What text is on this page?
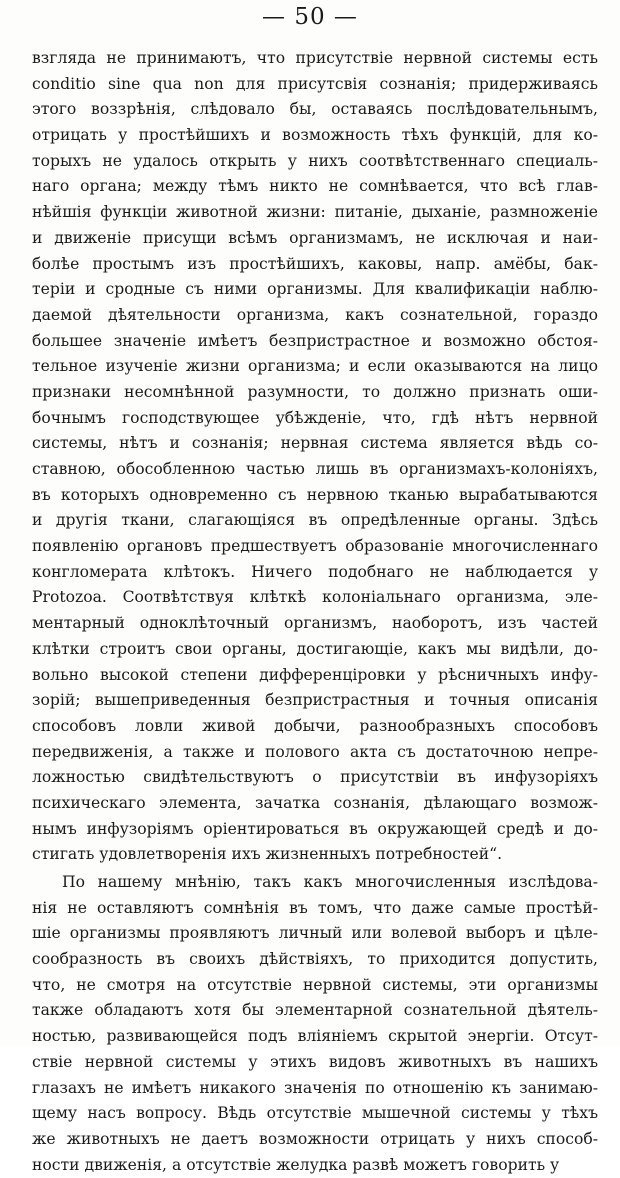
— 50 —
взгляда не принимаютъ, что присутствіе нервной системы есть
conditio sine qua non для присутсвія сознанія; придерживаясь
этого воззрѣнія, слѣдовало бы, оставаясь послѣдовательнымъ,
отрицать у простѣйшихъ и возможность тѣхъ функцій, для ко-
торыхъ не удалось открыть у нихъ соотвѣтственнаго специаль-
наго органа; между тѣмъ никто не сомнѣвается, что всѣ глав-
нѣйшія функціи животной жизни: питаніе, дыханіе, размноженіе
и движеніе присущи всѣмъ организмамъ, не исключая и наи-
болѣе простымъ изъ простѣйшихъ, каковы, напр. амёбы, бак-
теріи и сродные съ ними организмы. Для квалификаціи наблю-
даемой дѣятельности организма, какъ сознательной, гораздо
большее значеніе имѣетъ безпристрастное и возможно обстоя-
тельное изученіе жизни организма; и если оказываются на лицо
признаки несомнѣнной разумности, то должно признать оши-
бочнымъ господствующее убѣжденіе, что, гдѣ нѣтъ нервной
системы, нѣтъ и сознанія; нервная система является вѣдь со-
ставною, обособленною частью лишь въ организмахъ-колоніяхъ,
въ которыхъ одновременно съ нервною тканью вырабатываются
и другія ткани, слагающіяся въ опредѣленные органы. Здѣсь
появленію органовъ предшествуетъ образованіе многочисленнаго
конгломерата клѣтокъ. Ничего подобнаго не наблюдается у
Protozoa. Соотвѣтствуя клѣткѣ колоніальнаго организма, эле-
ментарный одноклѣточный организмъ, наоборотъ, изъ частей
клѣтки строитъ свои органы, достигающіе, какъ мы видѣли, до-
вольно высокой степени дифференціровки у рѣсничныхъ инфу-
зорій; вышеприведенныя безпристрастныя и точныя описанія
способовъ ловли живой добычи, разнообразныхъ способовъ
передвиженія, а также и полового акта съ достаточною непре-
ложностью свидѣтельствуютъ о присутствіи въ инфузоріяхъ
психическаго элемента, зачатка сознанія, дѣлающаго возмож-
нымъ инфузоріямъ оріентироваться въ окружающей средѣ и до-
стигать удовлетворенія ихъ жизненныхъ потребностей“.
По нашему мнѣнію, такъ какъ многочисленныя изслѣдова-
нія не оставляютъ сомнѣнія въ томъ, что даже самые простѣй-
шіе организмы проявляютъ личный или волевой выборъ и цѣле-
сообразность въ своихъ дѣйствіяхъ, то приходится допустить,
что, не смотря на отсутствіе нервной системы, эти организмы
также обладаютъ хотя бы элементарной сознательной дѣятель-
ностью, развивающейся подъ вліяніемъ скрытой энергіи. Отсут-
ствіе нервной системы у этихъ видовъ животныхъ въ нашихъ
глазахъ не имѣетъ никакого значенія по отношенію къ занимаю-
щему насъ вопросу. Вѣдь отсутствіе мышечной системы у тѣхъ
же животныхъ не даетъ возможности отрицать у нихъ способ-
ности движенія, а отсутствіе желудка развѣ можетъ говорить у
